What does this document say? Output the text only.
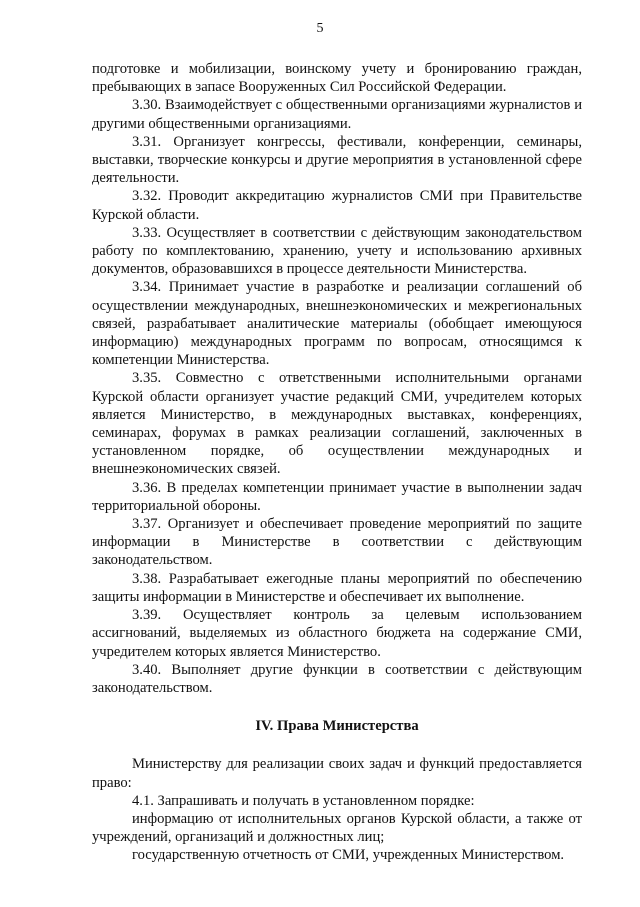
5

подготовке и мобилизации, воинскому учету и бронированию граждан, пребывающих в запасе Вооруженных Сил Российской Федерации.

3.30. Взаимодействует с общественными организациями журналистов и другими общественными организациями.

3.31. Организует конгрессы, фестивали, конференции, семинары, выставки, творческие конкурсы и другие мероприятия в установленной сфере деятельности.

3.32. Проводит аккредитацию журналистов СМИ при Правительстве Курской области.

3.33. Осуществляет в соответствии с действующим законодательством работу по комплектованию, хранению, учету и использованию архивных документов, образовавшихся в процессе деятельности Министерства.

3.34. Принимает участие в разработке и реализации соглашений об осуществлении международных, внешнеэкономических и межрегиональных связей, разрабатывает аналитические материалы (обобщает имеющуюся информацию) международных программ по вопросам, относящимся к компетенции Министерства.

3.35. Совместно с ответственными исполнительными органами Курской области организует участие редакций СМИ, учредителем которых является Министерство, в международных выставках, конференциях, семинарах, форумах в рамках реализации соглашений, заключенных в установленном порядке, об осуществлении международных и внешнеэкономических связей.

3.36. В пределах компетенции принимает участие в выполнении задач территориальной обороны.

3.37. Организует и обеспечивает проведение мероприятий по защите информации в Министерстве в соответствии с действующим законодательством.

3.38. Разрабатывает ежегодные планы мероприятий по обеспечению защиты информации в Министерстве и обеспечивает их выполнение.

3.39. Осуществляет контроль за целевым использованием ассигнований, выделяемых из областного бюджета на содержание СМИ, учредителем которых является Министерство.

3.40. Выполняет другие функции в соответствии с действующим законодательством.

IV. Права Министерства

Министерству для реализации своих задач и функций предоставляется право:

4.1. Запрашивать и получать в установленном порядке:

информацию от исполнительных органов Курской области, а также от учреждений, организаций и должностных лиц;

государственную отчетность от СМИ, учрежденных Министерством.
